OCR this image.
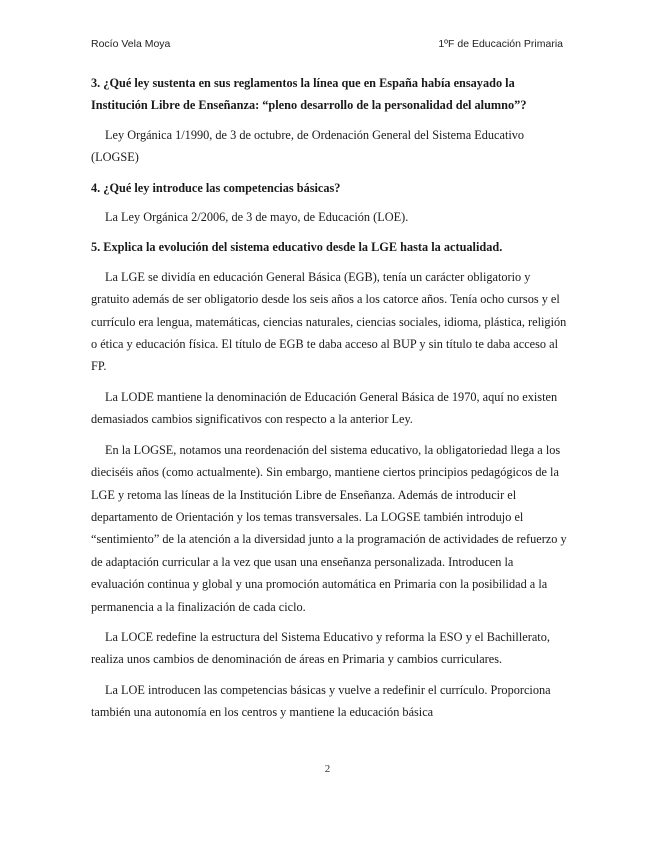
Rocío Vela Moya	1ºF de Educación Primaria
3. ¿Qué ley sustenta en sus reglamentos la línea que en España había ensayado la
Institución Libre de Enseñanza: “pleno desarrollo de la personalidad del alumno”?

Ley Orgánica 1/1990, de 3 de octubre, de Ordenación General del Sistema Educativo (LOGSE)

4. ¿Qué ley introduce las competencias básicas?

La Ley Orgánica 2/2006, de 3 de mayo, de Educación (LOE).

5. Explica la evolución del sistema educativo desde la LGE hasta la actualidad.

La LGE se dividía en educación General Básica (EGB), tenía un carácter obligatorio y gratuito además de ser obligatorio desde los seis años a los catorce años. Tenía ocho cursos y el currículo era lengua, matemáticas, ciencias naturales, ciencias sociales, idioma, plástica, religión o ética y educación física. El título de EGB te daba acceso al BUP y sin título te daba acceso al FP.

La LODE mantiene la denominación de Educación General Básica de 1970, aquí no existen demasiados cambios significativos con respecto a la anterior Ley.

En la LOGSE, notamos una reordenación del sistema educativo, la obligatoriedad llega a los dieciséis años (como actualmente). Sin embargo, mantiene ciertos principios pedagógicos de la LGE y retoma las líneas de la Institución Libre de Enseñanza. Además de introducir el departamento de Orientación y los temas transversales. La LOGSE también introdujo el “sentimiento” de la atención a la diversidad junto a la programación de actividades de refuerzo y de adaptación curricular a la vez que usan una enseñanza personalizada. Introducen la evaluación continua y global y una promoción automática en Primaria con la posibilidad a la permanencia a la finalización de cada ciclo.

La LOCE redefine la estructura del Sistema Educativo y reforma la ESO y el Bachillerato, realiza unos cambios de denominación de áreas en Primaria y cambios curriculares.

La LOE introducen las competencias básicas y vuelve a redefinir el currículo. Proporciona también una autonomía en los centros y mantiene la educación básica

2
